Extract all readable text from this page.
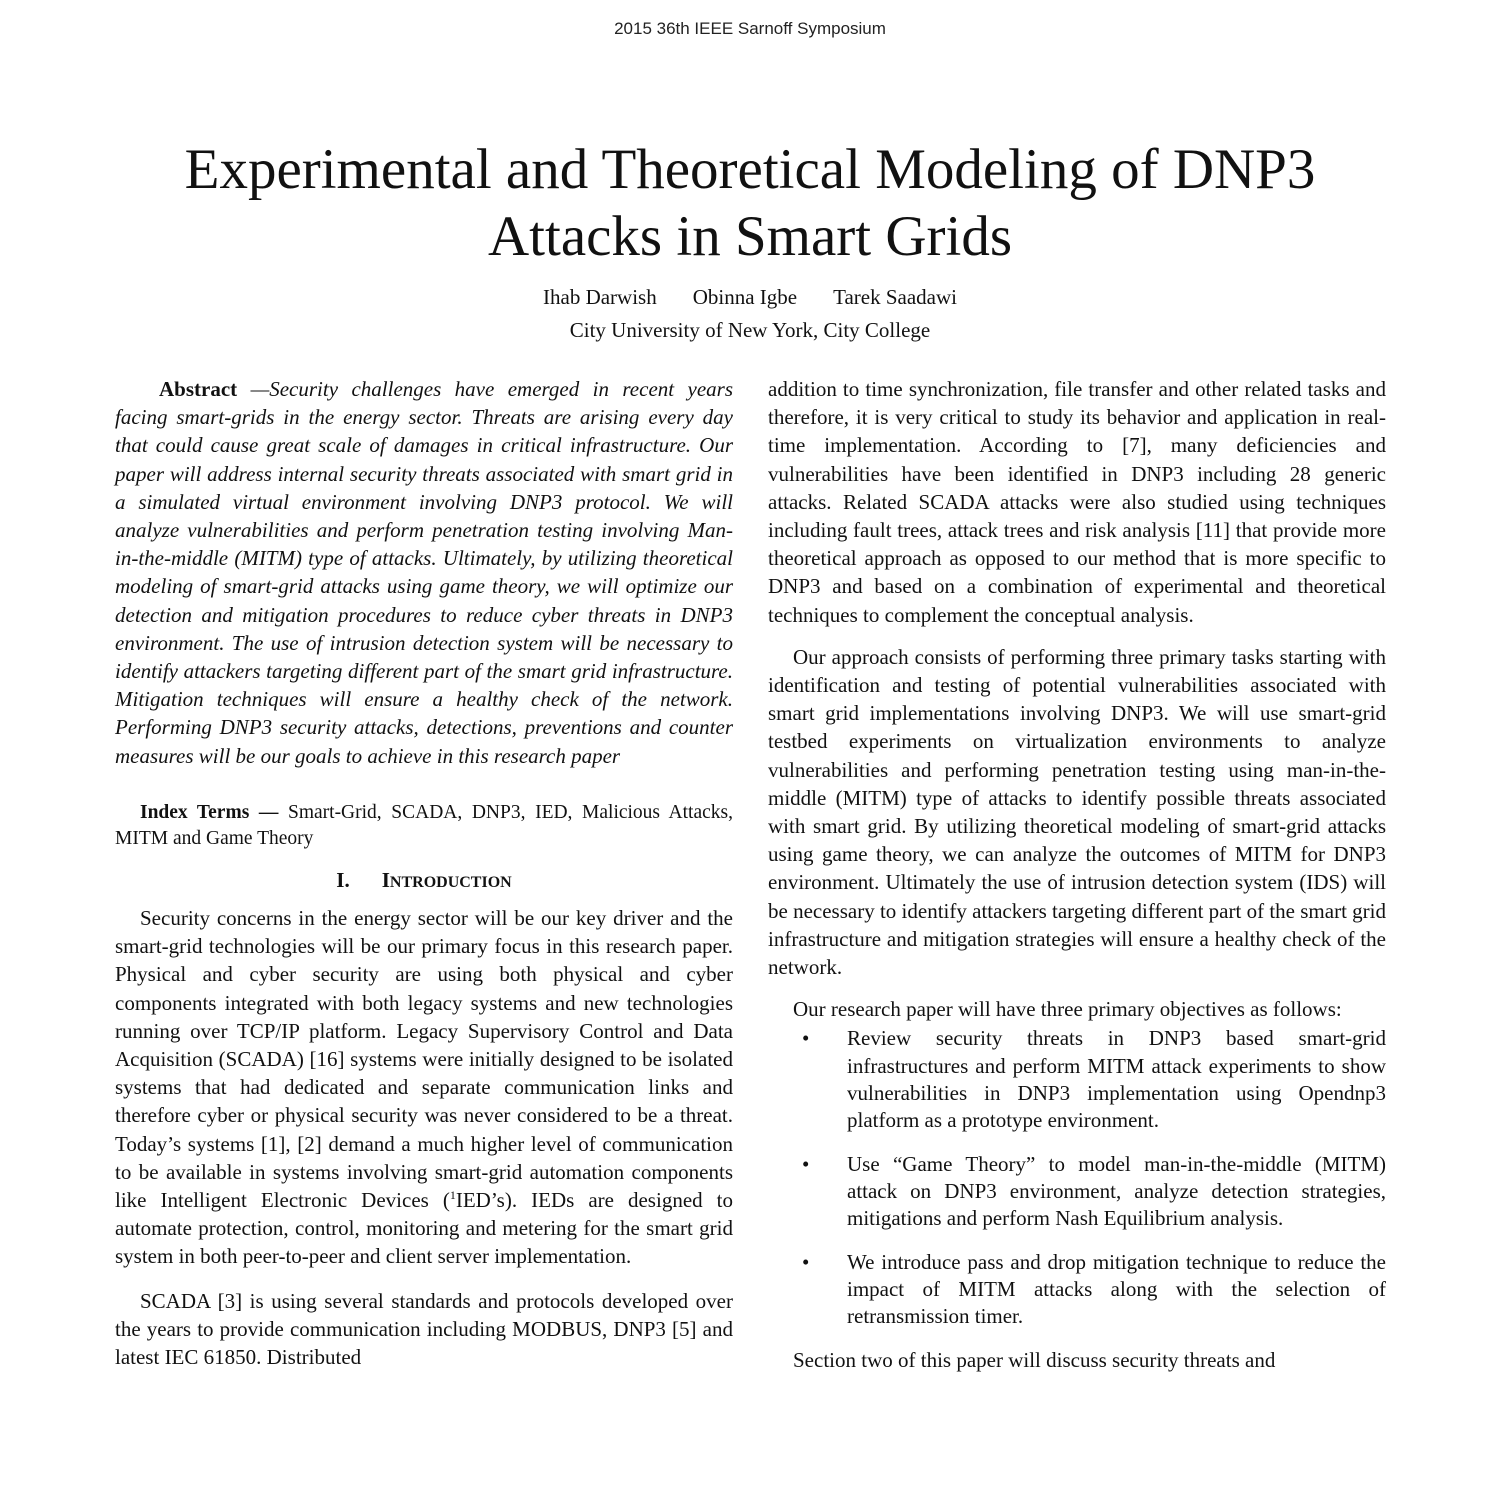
2015 36th IEEE Sarnoff Symposium
Experimental and Theoretical Modeling of DNP3
Attacks in Smart Grids
Ihab Darwish Obinna Igbe Tarek Saadawi
City University of New York, City College

Abstract —Security challenges have emerged in recent years facing smart-grids in the energy sector. Threats are arising every day that could cause great scale of damages in critical infrastructure. Our paper will address internal security threats associated with smart grid in a simulated virtual environment involving DNP3 protocol. We will analyze vulnerabilities and perform penetration testing involving Man-in-the-middle (MITM) type of attacks. Ultimately, by utilizing theoretical modeling of smart-grid attacks using game theory, we will optimize our detection and mitigation procedures to reduce cyber threats in DNP3 environment. The use of intrusion detection system will be necessary to identify attackers targeting different part of the smart grid infrastructure. Mitigation techniques will ensure a healthy check of the network. Performing DNP3 security attacks, detections, preventions and counter measures will be our goals to achieve in this research paper

Index Terms — Smart-Grid, SCADA, DNP3, IED, Malicious Attacks, MITM and Game Theory

I. INTRODUCTION

Security concerns in the energy sector will be our key driver and the smart-grid technologies will be our primary focus in this research paper. Physical and cyber security are using both physical and cyber components integrated with both legacy systems and new technologies running over TCP/IP platform. Legacy Supervisory Control and Data Acquisition (SCADA) [16] systems were initially designed to be isolated systems that had dedicated and separate communication links and therefore cyber or physical security was never considered to be a threat. Today’s systems [1], [2] demand a much higher level of communication to be available in systems involving smart-grid automation components like Intelligent Electronic Devices ($^1$IED’s). IEDs are designed to automate protection, control, monitoring and metering for the smart grid system in both peer-to-peer and client server implementation.

SCADA [3] is using several standards and protocols developed over the years to provide communication including MODBUS, DNP3 [5] and latest IEC 61850. Distributed

addition to time synchronization, file transfer and other related tasks and therefore, it is very critical to study its behavior and application in real-time implementation. According to [7], many deficiencies and vulnerabilities have been identified in DNP3 including 28 generic attacks. Related SCADA attacks were also studied using techniques including fault trees, attack trees and risk analysis [11] that provide more theoretical approach as opposed to our method that is more specific to DNP3 and based on a combination of experimental and theoretical techniques to complement the conceptual analysis.

Our approach consists of performing three primary tasks starting with identification and testing of potential vulnerabilities associated with smart grid implementations involving DNP3. We will use smart-grid testbed experiments on virtualization environments to analyze vulnerabilities and performing penetration testing using man-in-the-middle (MITM) type of attacks to identify possible threats associated with smart grid. By utilizing theoretical modeling of smart-grid attacks using game theory, we can analyze the outcomes of MITM for DNP3 environment. Ultimately the use of intrusion detection system (IDS) will be necessary to identify attackers targeting different part of the smart grid infrastructure and mitigation strategies will ensure a healthy check of the network.

Our research paper will have three primary objectives as follows:

• Review security threats in DNP3 based smart-grid infrastructures and perform MITM attack experiments to show vulnerabilities in DNP3 implementation using Opendnp3 platform as a prototype environment.
• Use “Game Theory” to model man-in-the-middle (MITM) attack on DNP3 environment, analyze detection strategies, mitigations and perform Nash Equilibrium analysis.
• We introduce pass and drop mitigation technique to reduce the impact of MITM attacks along with the selection of retransmission timer.

Section two of this paper will discuss security threats and
